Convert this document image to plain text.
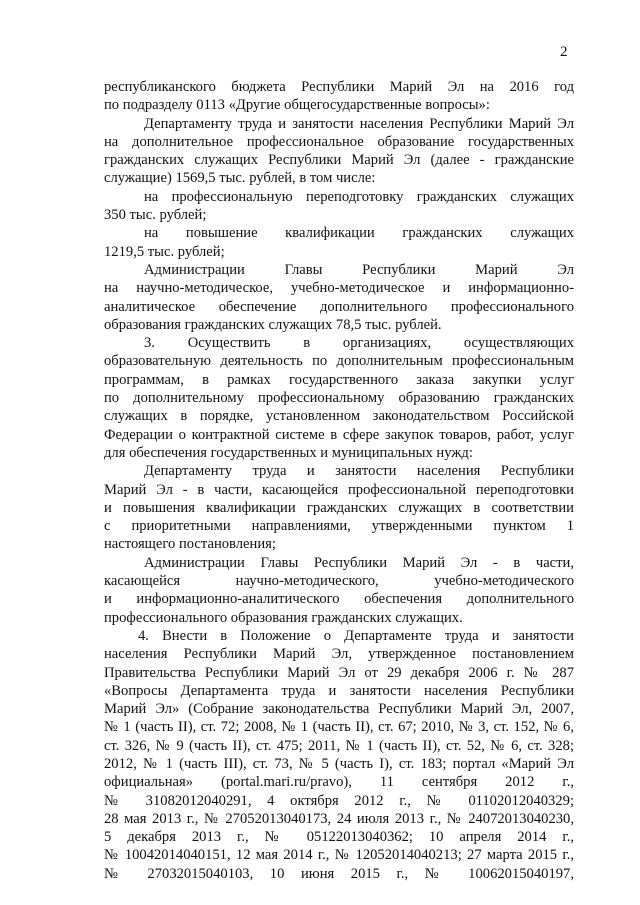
2
республиканского бюджета Республики Марий Эл на 2016 год
по подразделу 0113 «Другие общегосударственные вопросы»:
Департаменту труда и занятости населения Республики Марий Эл
на дополнительное профессиональное образование государственных
гражданских служащих Республики Марий Эл (далее - гражданские
служащие) 1569,5 тыс. рублей, в том числе:
на профессиональную переподготовку гражданских служащих
350 тыс. рублей;
на повышение квалификации гражданских служащих
1219,5 тыс. рублей;
Администрации Главы Республики Марий Эл
на научно-методическое, учебно-методическое и информационно-
аналитическое обеспечение дополнительного профессионального
образования гражданских служащих 78,5 тыс. рублей.
3. Осуществить в организациях, осуществляющих
образовательную деятельность по дополнительным профессиональным
программам, в рамках государственного заказа закупки услуг
по дополнительному профессиональному образованию гражданских
служащих в порядке, установленном законодательством Российской
Федерации о контрактной системе в сфере закупок товаров, работ, услуг
для обеспечения государственных и муниципальных нужд:
Департаменту труда и занятости населения Республики
Марий Эл - в части, касающейся профессиональной переподготовки
и повышения квалификации гражданских служащих в соответствии
с приоритетными направлениями, утвержденными пунктом 1
настоящего постановления;
Администрации Главы Республики Марий Эл - в части,
касающейся научно-методического, учебно-методического
и информационно-аналитического обеспечения дополнительного
профессионального образования гражданских служащих.
4. Внести в Положение о Департаменте труда и занятости
населения Республики Марий Эл, утвержденное постановлением
Правительства Республики Марий Эл от 29 декабря 2006 г. № 287
«Вопросы Департамента труда и занятости населения Республики
Марий Эл» (Собрание законодательства Республики Марий Эл, 2007,
№ 1 (часть II), ст. 72; 2008, № 1 (часть II), ст. 67; 2010, № 3, ст. 152, № 6,
ст. 326, № 9 (часть II), ст. 475; 2011, № 1 (часть II), ст. 52, № 6, ст. 328;
2012, № 1 (часть III), ст. 73, № 5 (часть I), ст. 183; портал «Марий Эл
официальная» (portal.mari.ru/pravo), 11 сентября 2012 г.,
№ 31082012040291, 4 октября 2012 г., № 01102012040329;
28 мая 2013 г., № 27052013040173, 24 июля 2013 г., № 24072013040230,
5 декабря 2013 г., № 05122013040362; 10 апреля 2014 г.,
№ 10042014040151, 12 мая 2014 г., № 12052014040213; 27 марта 2015 г.,
№ 27032015040103, 10 июня 2015 г., № 10062015040197,
